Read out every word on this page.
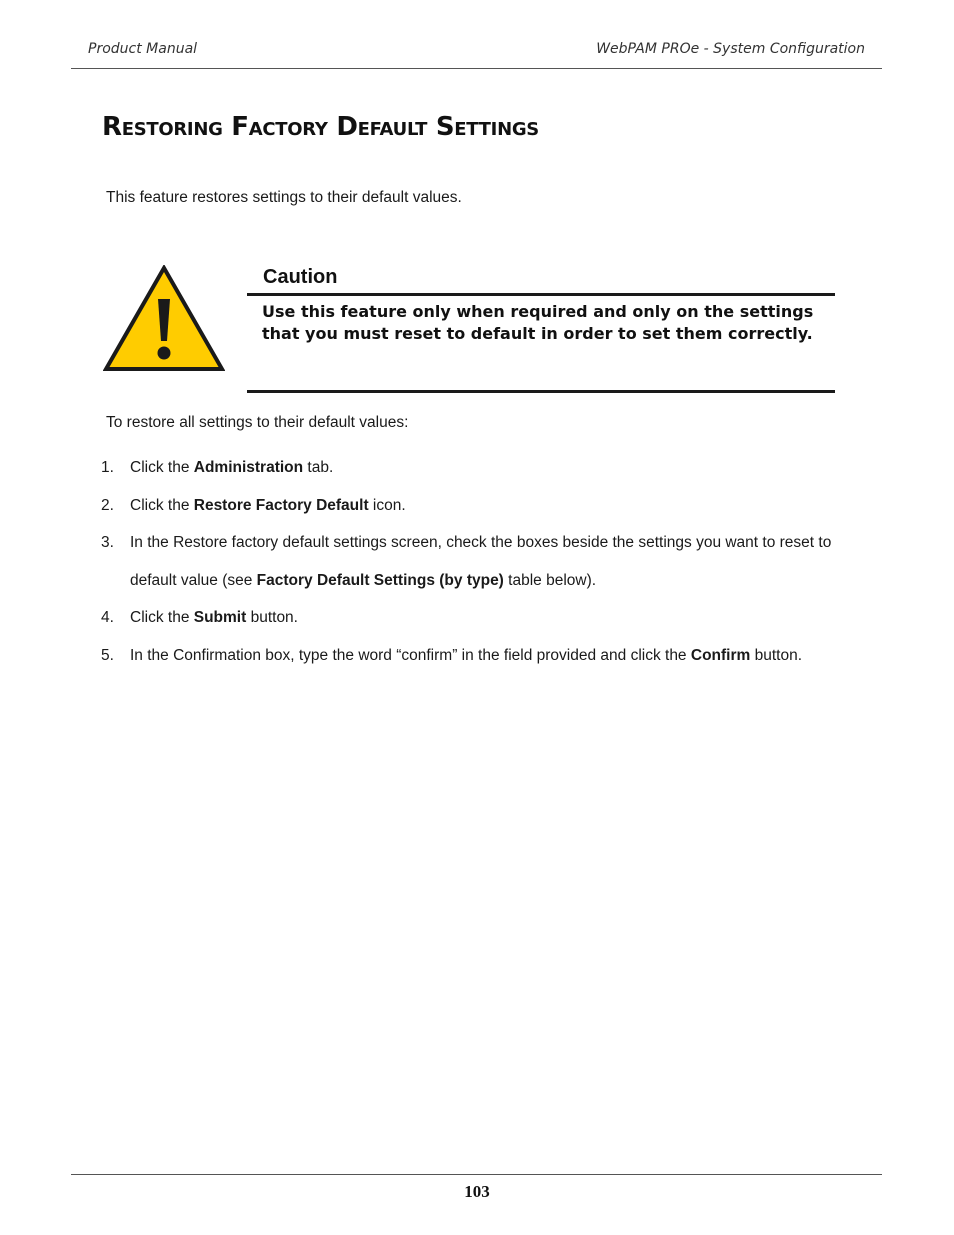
Product Manual	WebPAM PROe - System Configuration
Restoring Factory Default Settings
This feature restores settings to their default values.
Caution
Use this feature only when required and only on the settings
that you must reset to default in order to set them correctly.
To restore all settings to their default values:
1. Click the Administration tab.
2. Click the Restore Factory Default icon.
3. In the Restore factory default settings screen, check the boxes beside the settings you want to reset to default value (see Factory Default Settings (by type) table below).
4. Click the Submit button.
5. In the Confirmation box, type the word “confirm” in the field provided and click the Confirm button.
103
